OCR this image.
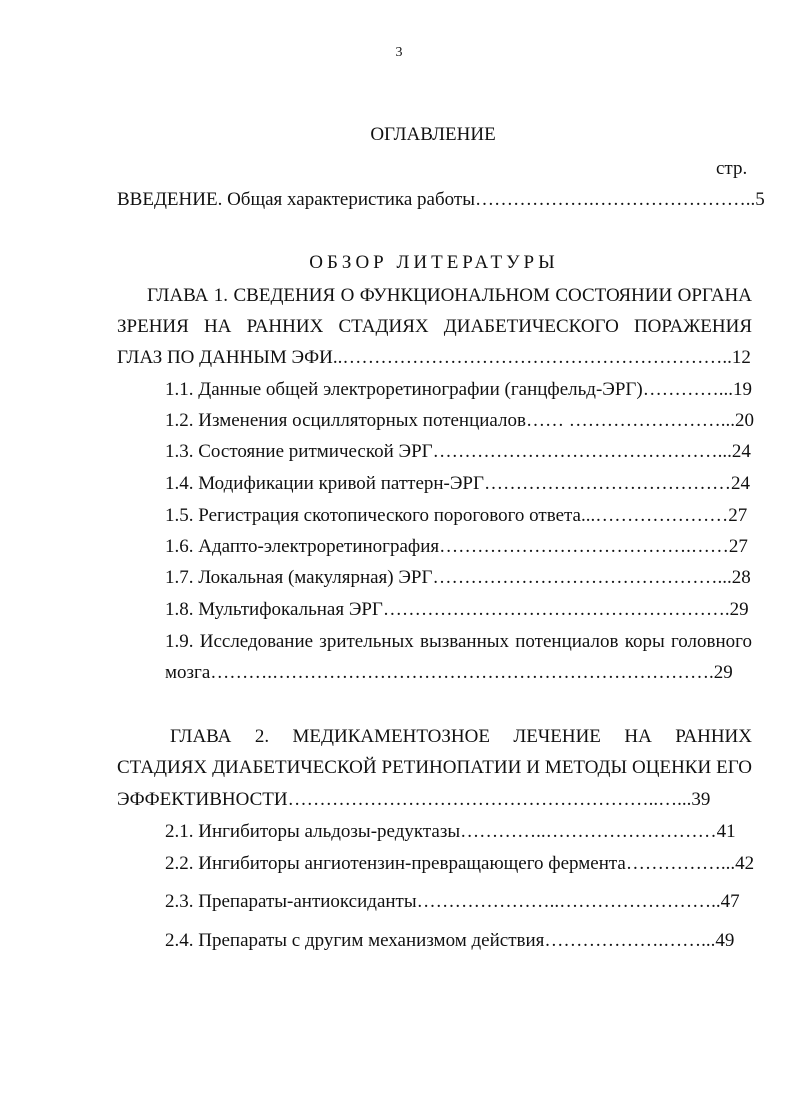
3
ОГЛАВЛЕНИЕ
стр.
ВВЕДЕНИЕ. Общая характеристика работы……………….……………………..5
ОБЗОР ЛИТЕРАТУРЫ
ГЛАВА 1. СВЕДЕНИЯ О ФУНКЦИОНАЛЬНОМ СОСТОЯНИИ ОРГАНА
ЗРЕНИЯ НА РАННИХ СТАДИЯХ ДИАБЕТИЧЕСКОГО ПОРАЖЕНИЯ
ГЛАЗ ПО ДАННЫМ ЭФИ..……………………………………………………..12
1.1. Данные общей электроретинографии (ганцфельд-ЭРГ)…………...19
1.2. Изменения осцилляторных потенциалов…… ……………………...20
1.3. Состояние ритмической ЭРГ………………………………………...24
1.4. Модификации кривой паттерн-ЭРГ…………………………………24
1.5. Регистрация скотопического порогового ответа...…………………27
1.6. Адапто-электроретинография………………………………….……27
1.7. Локальная (макулярная) ЭРГ………………………………………...28
1.8. Мультифокальная ЭРГ……………………………………………….29
1.9. Исследование зрительных вызванных потенциалов коры головного
мозга……….…………………………………………………………….29
ГЛАВА 2. МЕДИКАМЕНТОЗНОЕ ЛЕЧЕНИЕ НА РАННИХ
СТАДИЯХ ДИАБЕТИЧЕСКОЙ РЕТИНОПАТИИ И МЕТОДЫ ОЦЕНКИ ЕГО
ЭФФЕКТИВНОСТИ…………………………………………………..…...39
2.1. Ингибиторы альдозы-редуктазы…………..………………………41
2.2. Ингибиторы ангиотензин-превращающего фермента……………...42
2.3. Препараты-антиоксиданты…………………..……………………..47
2.4. Препараты с другим механизмом действия……………….……...49
